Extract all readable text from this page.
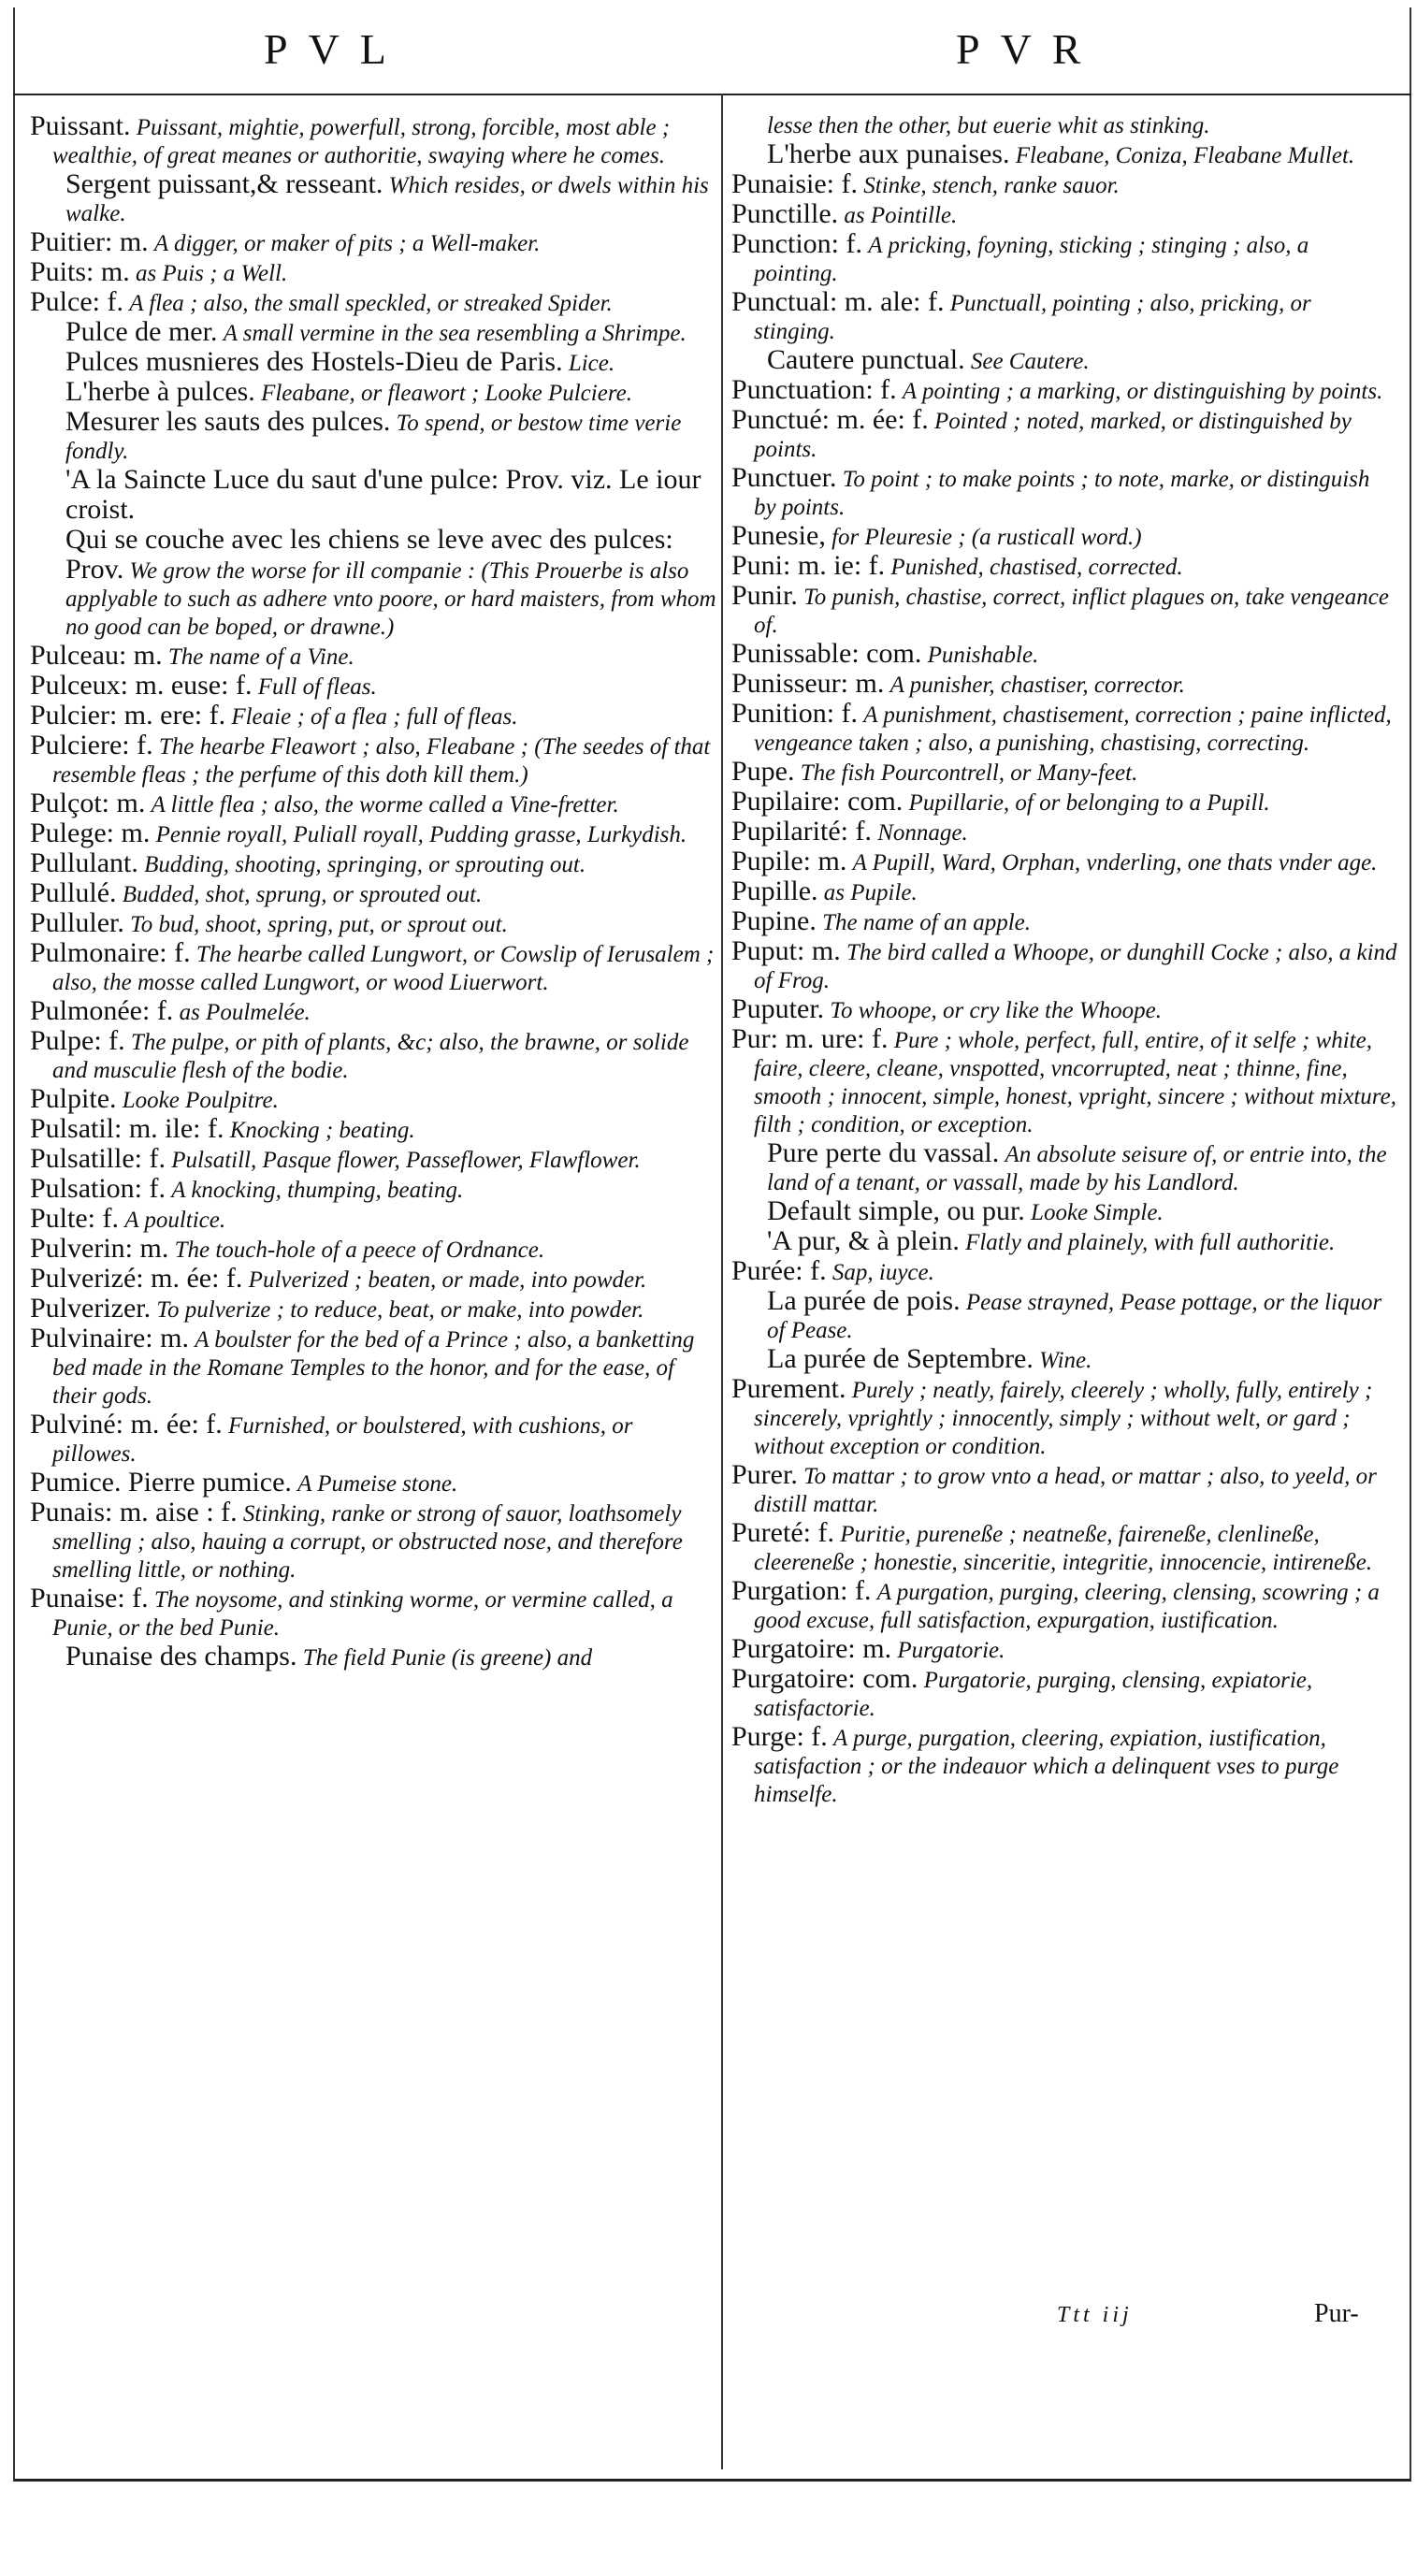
PVL	PVR
Puissant. Puissant, mightie, powerfull, strong, forcible, most able ; wealthie, of great meanes or authoritie, swaying where he comes.
Sergent puissant,& resseant. Which resides, or dwels within his walke.
Puitier: m. A digger, or maker of pits ; a Well-maker.
Puits: m. as Puis ; a Well.
Pulce: f. A flea ; also, the small speckled, or streaked Spider.
Pulce de mer. A small vermine in the sea resembling a Shrimpe.
Pulces musnieres des Hostels-Dieu de Paris. Lice.
L'herbe à pulces. Fleabane, or fleawort ; Looke Pulciere.
Mesurer les sauts des pulces. To spend, or bestow time verie fondly.
'A la Saincte Luce du saut d'une pulce: Prov. viz. Le iour croist.
Qui se couche avec les chiens se leve avec des pulces: Prov. We grow the worse for ill companie : (This Prouerbe is also applyable to such as adhere vnto poore, or hard maisters, from whom no good can be boped, or drawne.)
Pulceau: m. The name of a Vine.
Pulceux: m. euse: f. Full of fleas.
Pulcier: m. ere: f. Fleaie ; of a flea ; full of fleas.
Pulciere: f. The hearbe Fleawort ; also, Fleabane ; (The seedes of that resemble fleas ; the perfume of this doth kill them.)
Pulçot: m. A little flea ; also, the worme called a Vine-fretter.
Pulege: m. Pennie royall, Puliall royall, Pudding grasse, Lurkydish.
Pullulant. Budding, shooting, springing, or sprouting out.
Pullulé. Budded, shot, sprung, or sprouted out.
Pulluler. To bud, shoot, spring, put, or sprout out.
Pulmonaire: f. The hearbe called Lungwort, or Cowslip of Ierusalem ; also, the mosse called Lungwort, or wood Liuerwort.
Pulmonée: f. as Poulmelée.
Pulpe: f. The pulpe, or pith of plants, &c; also, the brawne, or solide and musculie flesh of the bodie.
Pulpite. Looke Poulpitre.
Pulsatil: m. ile: f. Knocking ; beating.
Pulsatille: f. Pulsatill, Pasque flower, Passeflower, Flawflower.
Pulsation: f. A knocking, thumping, beating.
Pulte: f. A poultice.
Pulverin: m. The touch-hole of a peece of Ordnance.
Pulverizé: m. ée: f. Pulverized ; beaten, or made, into powder.
Pulverizer. To pulverize ; to reduce, beat, or make, into powder.
Pulvinaire: m. A boulster for the bed of a Prince ; also, a banketting bed made in the Romane Temples to the honor, and for the ease, of their gods.
Pulviné: m. ée: f. Furnished, or boulstered, with cushions, or pillowes.
Pumice. Pierre pumice. A Pumeise stone.
Punais: m. aise : f. Stinking, ranke or strong of sauor, loathsomely smelling ; also, hauing a corrupt, or obstructed nose, and therefore smelling little, or nothing.
Punaise: f. The noysome, and stinking worme, or vermine called, a Punie, or the bed Punie.
Punaise des champs. The field Punie (is greene) and
lesse then the other, but euerie whit as stinking.
L'herbe aux punaises. Fleabane, Coniza, Fleabane Mullet.
Punaisie: f. Stinke, stench, ranke sauor.
Punctille. as Pointille.
Punction: f. A pricking, foyning, sticking ; stinging ; also, a pointing.
Punctual: m. ale: f. Punctuall, pointing ; also, pricking, or stinging.
Cautere punctual. See Cautere.
Punctuation: f. A pointing ; a marking, or distinguishing by points.
Punctué: m. ée: f. Pointed ; noted, marked, or distinguished by points.
Punctuer. To point ; to make points ; to note, marke, or distinguish by points.
Punesie, for Pleuresie ; (a rusticall word.)
Puni: m. ie: f. Punished, chastised, corrected.
Punir. To punish, chastise, correct, inflict plagues on, take vengeance of.
Punissable: com. Punishable.
Punisseur: m. A punisher, chastiser, corrector.
Punition: f. A punishment, chastisement, correction ; paine inflicted, vengeance taken ; also, a punishing, chastising, correcting.
Pupe. The fish Pourcontrell, or Many-feet.
Pupilaire: com. Pupillarie, of or belonging to a Pupill.
Pupilarité: f. Nonnage.
Pupile: m. A Pupill, Ward, Orphan, vnderling, one thats vnder age.
Pupille. as Pupile.
Pupine. The name of an apple.
Puput: m. The bird called a Whoope, or dunghill Cocke ; also, a kind of Frog.
Puputer. To whoope, or cry like the Whoope.
Pur: m. ure: f. Pure ; whole, perfect, full, entire, of it selfe ; white, faire, cleere, cleane, vnspotted, vncorrupted, neat ; thinne, fine, smooth ; innocent, simple, honest, vpright, sincere ; without mixture, filth ; condition, or exception.
Pure perte du vassal. An absolute seisure of, or entrie into, the land of a tenant, or vassall, made by his Landlord.
Default simple, ou pur. Looke Simple.
'A pur, & à plein. Flatly and plainely, with full authoritie.
Purée: f. Sap, iuyce.
La purée de pois. Pease strayned, Pease pottage, or the liquor of Pease.
La purée de Septembre. Wine.
Purement. Purely ; neatly, fairely, cleerely ; wholly, fully, entirely ; sincerely, vprightly ; innocently, simply ; without welt, or gard ; without exception or condition.
Purer. To mattar ; to grow vnto a head, or mattar ; also, to yeeld, or distill mattar.
Pureté: f. Puritie, pureneße ; neatneße, faireneße, clenlineße, cleereneße ; honestie, sinceritie, integritie, innocencie, intireneße.
Purgation: f. A purgation, purging, cleering, clensing, scowring ; a good excuse, full satisfaction, expurgation, iustification.
Purgatoire: m. Purgatorie.
Purgatoire: com. Purgatorie, purging, clensing, expiatorie, satisfactorie.
Purge: f. A purge, purgation, cleering, expiation, iustification, satisfaction ; or the indeauor which a delinquent vses to purge himselfe.
Ttt iij	Pur-
